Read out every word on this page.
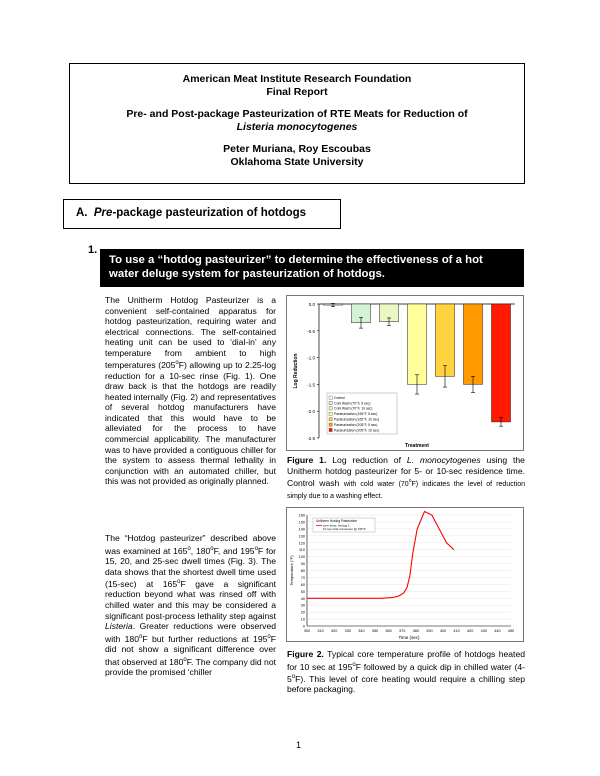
American Meat Institute Research Foundation
Final Report
Pre- and Post-package Pasteurization of RTE Meats for Reduction of
Listeria monocytogenes
Peter Muriana, Roy Escoubas
Oklahoma State University
A. Pre-package pasteurization of hotdogs
1.
To use a “hotdog pasteurizer” to determine the effectiveness of a hot water deluge system for pasteurization of hotdogs.
The Unitherm Hotdog Pasteurizer is a convenient self-contained apparatus for hotdog pasteurization, requiring water and electrical connections. The self-contained heating unit can be used to ‘dial-in’ any temperature from ambient to high temperatures (205$^o$F) allowing up to 2.25-log reduction for a 10-sec rinse (Fig. 1). One draw back is that the hotdogs are readily heated internally (Fig. 2) and representatives of several hotdog manufacturers have indicated that this would have to be alleviated for the process to have commercial applicability. The manufacturer was to have provided a contiguous chiller for the system to assess thermal lethality in conjunction with an automated chiller, but this was not provided as originally planned.
The “Hotdog pasteurizer” described above was examined at 165$^o$, 180$^o$F, and 195$^o$F for 15, 20, and 25-sec dwell times (Fig. 3). The data shows that the shortest dwell time used (15-sec) at 165$^o$F gave a significant reduction beyond what was rinsed off with chilled water and this may be considered a significant post-process lethality step against Listeria. Greater reductions were observed with 180$^o$F but further reductions at 195$^o$F did not show a significant difference over that observed at 180$^o$F. The company did not provide the promised ‘chiller
0.0
-0.5
-1.0
-1.5
-2.0
-2.5
Log Reduction
Treatment
Control
Cold Wash (70°F, 5 sec)
Cold Wash (70°F, 10 sec)
Pasteurization (165°F, 5 sec)
Pasteurization (165°F, 10 sec)
Pasteurization (205°F, 5 sec)
Pasteurization (205°F, 10 sec)
Figure 1. Log reduction of L. monocytogenes using the Unitherm hotdog pasteurizer for 5- or 10-sec residence time. Control wash with cold water (70$^o$F) indicates the level of reduction simply due to a washing effect.
0
10
20
30
40
50
60
70
80
90
100
110
120
130
140
150
160
300 310 320 330 340 350 360 370 380 390 400 410 420 430 440 450
Temperature (°F)
Time (sec)
Unitherm Hotdog Pasteurizer
core temp, hotdog 1
10 sec total immersion @ 195°F
Figure 2. Typical core temperature profile of hotdogs heated for 10 sec at 195$^o$F followed by a quick dip in chilled water (4-5$^o$F). This level of core heating would require a chilling step before packaging.
1
